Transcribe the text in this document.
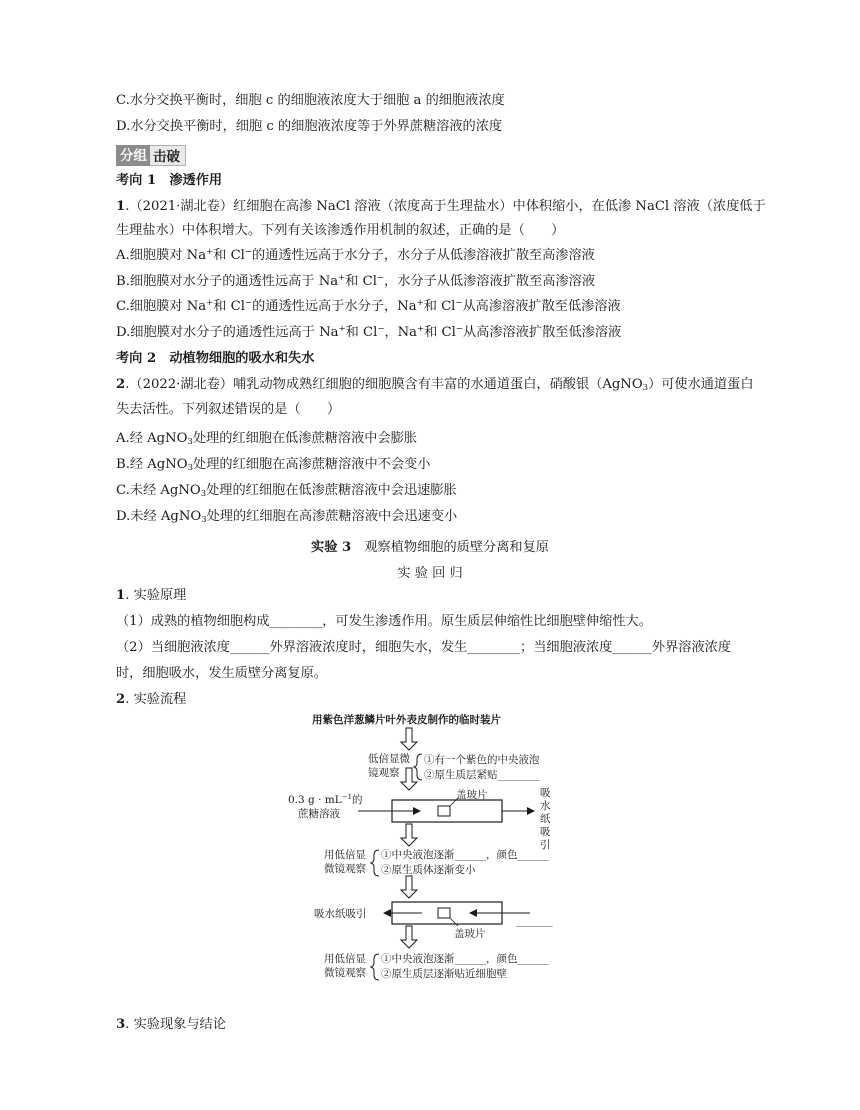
C.水分交换平衡时，细胞 c 的细胞液浓度大于细胞 a 的细胞液浓度
D.水分交换平衡时，细胞 c 的细胞液浓度等于外界蔗糖溶液的浓度
分组 击破
考向 1　渗透作用
1.（2021·湖北卷）红细胞在高渗 NaCl 溶液（浓度高于生理盐水）中体积缩小，在低渗 NaCl 溶液（浓度低于
生理盐水）中体积增大。下列有关该渗透作用机制的叙述，正确的是（　　）
A.细胞膜对 Na+和 Cl−的通透性远高于水分子，水分子从低渗溶液扩散至高渗溶液
B.细胞膜对水分子的通透性远高于 Na+和 Cl−，水分子从低渗溶液扩散至高渗溶液
C.细胞膜对 Na+和 Cl−的通透性远高于水分子，Na+和 Cl−从高渗溶液扩散至低渗溶液
D.细胞膜对水分子的通透性远高于 Na+和 Cl−，Na+和 Cl−从高渗溶液扩散至低渗溶液
考向 2　动植物细胞的吸水和失水
2.（2022·湖北卷）哺乳动物成熟红细胞的细胞膜含有丰富的水通道蛋白，硝酸银（AgNO$_3$）可使水通道蛋白
失去活性。下列叙述错误的是（　　）
A.经 AgNO$_3$处理的红细胞在低渗蔗糖溶液中会膨胀
B.经 AgNO$_3$处理的红细胞在高渗蔗糖溶液中不会变小
C.未经 AgNO$_3$处理的红细胞在低渗蔗糖溶液中会迅速膨胀
D.未经 AgNO$_3$处理的红细胞在高渗蔗糖溶液中会迅速变小
实验 3　观察植物细胞的质壁分离和复原
实 验 回 归
1. 实验原理
（1）成熟的植物细胞构成________，可发生渗透作用。原生质层伸缩性比细胞壁伸缩性大。
（2）当细胞液浓度______外界溶液浓度时，细胞失水，发生________；当细胞液浓度______外界溶液浓度
时，细胞吸水，发生质壁分离复原。
2. 实验流程
用紫色洋葱鳞片叶外表皮制作的临时装片
低倍显微
镜观察
①有一个紫色的中央液泡
②原生质层紧贴________
0.3 $g \cdot mL^{-1}$的
蔗糖溶液
盖玻片	吸
水
纸
吸
引
用低倍显
微镜观察
①中央液泡逐渐______，颜色______
②原生质体逐渐变小
吸水纸吸引
盖玻片
_______
用低倍显
微镜观察
①中央液泡逐渐______，颜色______
②原生质层逐渐贴近细胞壁
3. 实验现象与结论
